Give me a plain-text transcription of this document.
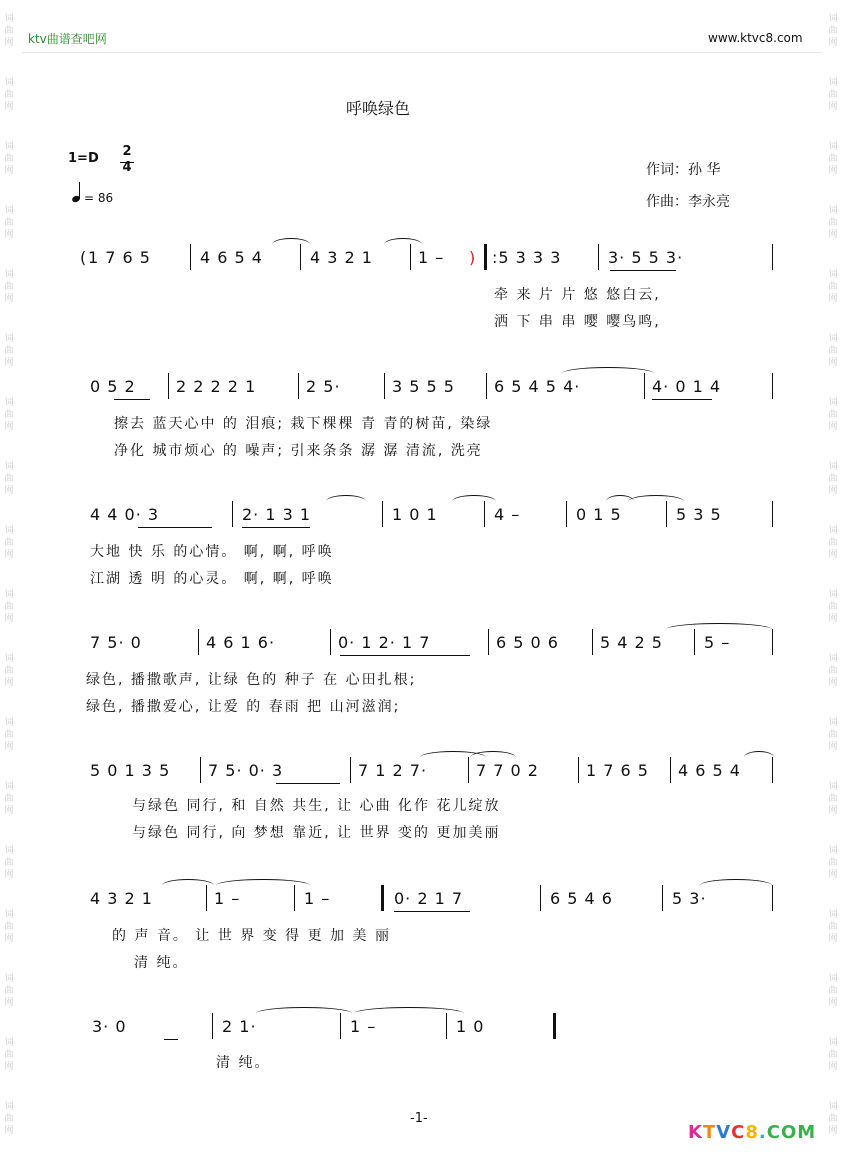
词
曲
网
词
曲
网
词
曲
网
词
曲
网
词
曲
网
词
曲
网
词
曲
网
词
曲
网
词
曲
网
词
曲
网
词
曲
网
词
曲
网
词
曲
网
词
曲
网
词
曲
网
词
曲
网
词
曲
网
词
曲
网
词
曲
网
词
曲
网
词
曲
网
词
曲
网
词
曲
网
词
曲
网
词
曲
网
词
曲
网
词
曲
网
词
曲
网
词
曲
网
词
曲
网
词
曲
网
词
曲
网
词
曲
网
词
曲
网
词
曲
网
词
曲
网
ktv曲谱查吧网	www.ktvc8.com
呼唤绿色
1=D 2
4
= 86
作词：孙 华
作曲：李永亮
( 1 7 6 5	4 6 5 4	4 3 2 1	1 – ) :5 3 3 3	3· 5 5 3·
牵 来 片 片 悠 悠白云,
洒 下 串 串 嘤 嘤鸟鸣,
0 5 2	2 2 2 2 1	2 5·	3 5 5 5 6 5 4 5 4·	4· 0 1 4
擦去 蓝天心中 的 泪痕; 栽下棵棵 青 青的树苗, 染绿
净化 城市烦心 的 噪声; 引来条条 潺 潺 清流, 洗亮
4 4 0· 3	2· 1 3 1	1 0 1	4 –	0 1 5	5 3 5
大地 快 乐 的心情。 啊, 啊, 呼唤
江湖 透 明 的心灵。 啊, 啊, 呼唤
7 5· 0	4 6 1 6·	0· 1 2· 1 7	6 5 0 6	5 4 2 5	5 –
绿色, 播撒歌声, 让绿 色的 种子 在 心田扎根;
绿色, 播撒爱心, 让爱 的 春雨 把 山河滋润;
5 0 1 3 5 7 5· 0· 3	7 1 2 7·	7 7 0 2	1 7 6 5 4 6 5 4
与绿色 同行, 和 自然 共生, 让 心曲 化作 花儿绽放
与绿色 同行, 向 梦想 靠近, 让 世界 变的 更加美丽
4 3 2 1	1 –	1 –	0· 2 1 7	6 5 4 6	5 3·
的 声 音。 让 世 界 变 得 更 加 美 丽
清 纯。
3· 0	2 1·	1 –	1 0
清 纯。
-1-
KTVC8.COM
